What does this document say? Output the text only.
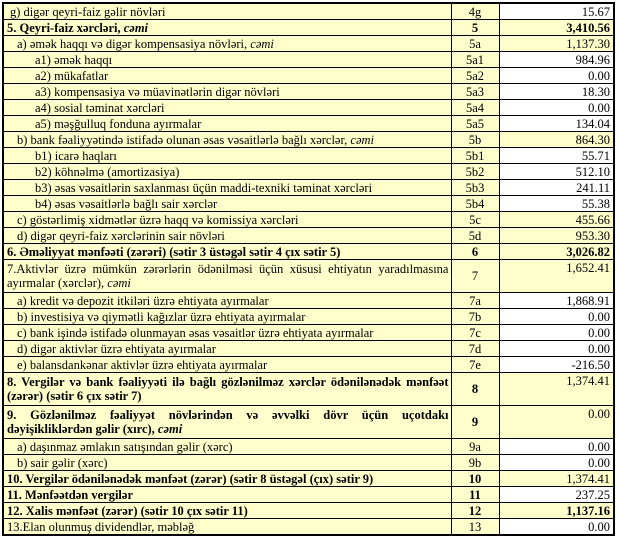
g) digər qeyri-faiz gəlir növləri	4g	15.67
5. Qeyri-faiz xərcləri, cəmi	5	3,410.56
a) əmək haqqı və digər kompensasiya növləri, cəmi	5a	1,137.30
a1) əmək haqqı	5a1	984.96
a2) mükafatlar	5a2	0.00
a3) kompensasiya və müavinətlərin digər növləri	5a3	18.30
a4) sosial təminat xərcləri	5a4	0.00
a5) məşğulluq fonduna ayırmalar	5a5	134.04
b) bank fəaliyyətində istifadə olunan əsas vəsaitlərlə bağlı xərclər, cəmi	5b	864.30
b1) icarə haqları	5b1	55.71
b2) köhnəlmə (amortizasiya)	5b2	512.10
b3) əsas vəsaitlərin saxlanması üçün maddi-texniki təminat xərcləri	5b3	241.11
b4) əsas vəsaitlərlə bağlı sair xərclər	5b4	55.38
c) göstərlimiş xidmətlər üzrə haqq və komissiya xərcləri	5c	455.66
d) digər qeyri-faiz xərclərinin sair növləri	5d	953.30
6. Əməliyyat mənfəəti (zərəri) (sətir 3 üstəgəl sətir 4 çıx sətir 5)	6	3,026.82
7.Aktivlər üzrə mümkün zərərlərin ödənilməsi üçün xüsusi ehtiyatın yaradılmasına ayırmalar (xərclər), cəmi	7	1,652.41
a) kredit və depozit itkiləri üzrə ehtiyata ayırmalar	7a	1,868.91
b) investisiya və qiymətli kağızlar üzrə ehtiyata ayırmalar	7b	0.00
c) bank işində istifadə olunmayan əsas vəsaitlər üzrə ehtiyata ayırmalar	7c	0.00
d) digər aktivlər üzrə ehtiyata ayırmalar	7d	0.00
e) balansdankənar aktivlər üzrə ehtiyata ayırmalar	7e	-216.50
8. Vergilər və bank fəaliyyəti ilə bağlı gözlənilməz xərclər ödənilənədək mənfəət (zərər) (sətir 6 çıx sətir 7)	8	1,374.41
9. Gözlənilməz fəaliyyət növlərindən və əvvəlki dövr üçün uçotdakı dəyişikliklərdən gəlir (xırc), cəmi	9	0.00
a) daşınmaz əmlakın satışından gəlir (xərc)	9a	0.00
b) sair gəlir (xərc)	9b	0.00
10. Vergilər ödənilənədək mənfəət (zərər) (sətir 8 üstəgəl (çıx) sətir 9)	10	1,374.41
11. Mənfəətdən vergilər	11	237.25
12. Xalis mənfəət (zərər) (sətir 10 çıx sətir 11)	12	1,137.16
13.Elan olunmuş dividendlər, məbləğ	13	0.00
